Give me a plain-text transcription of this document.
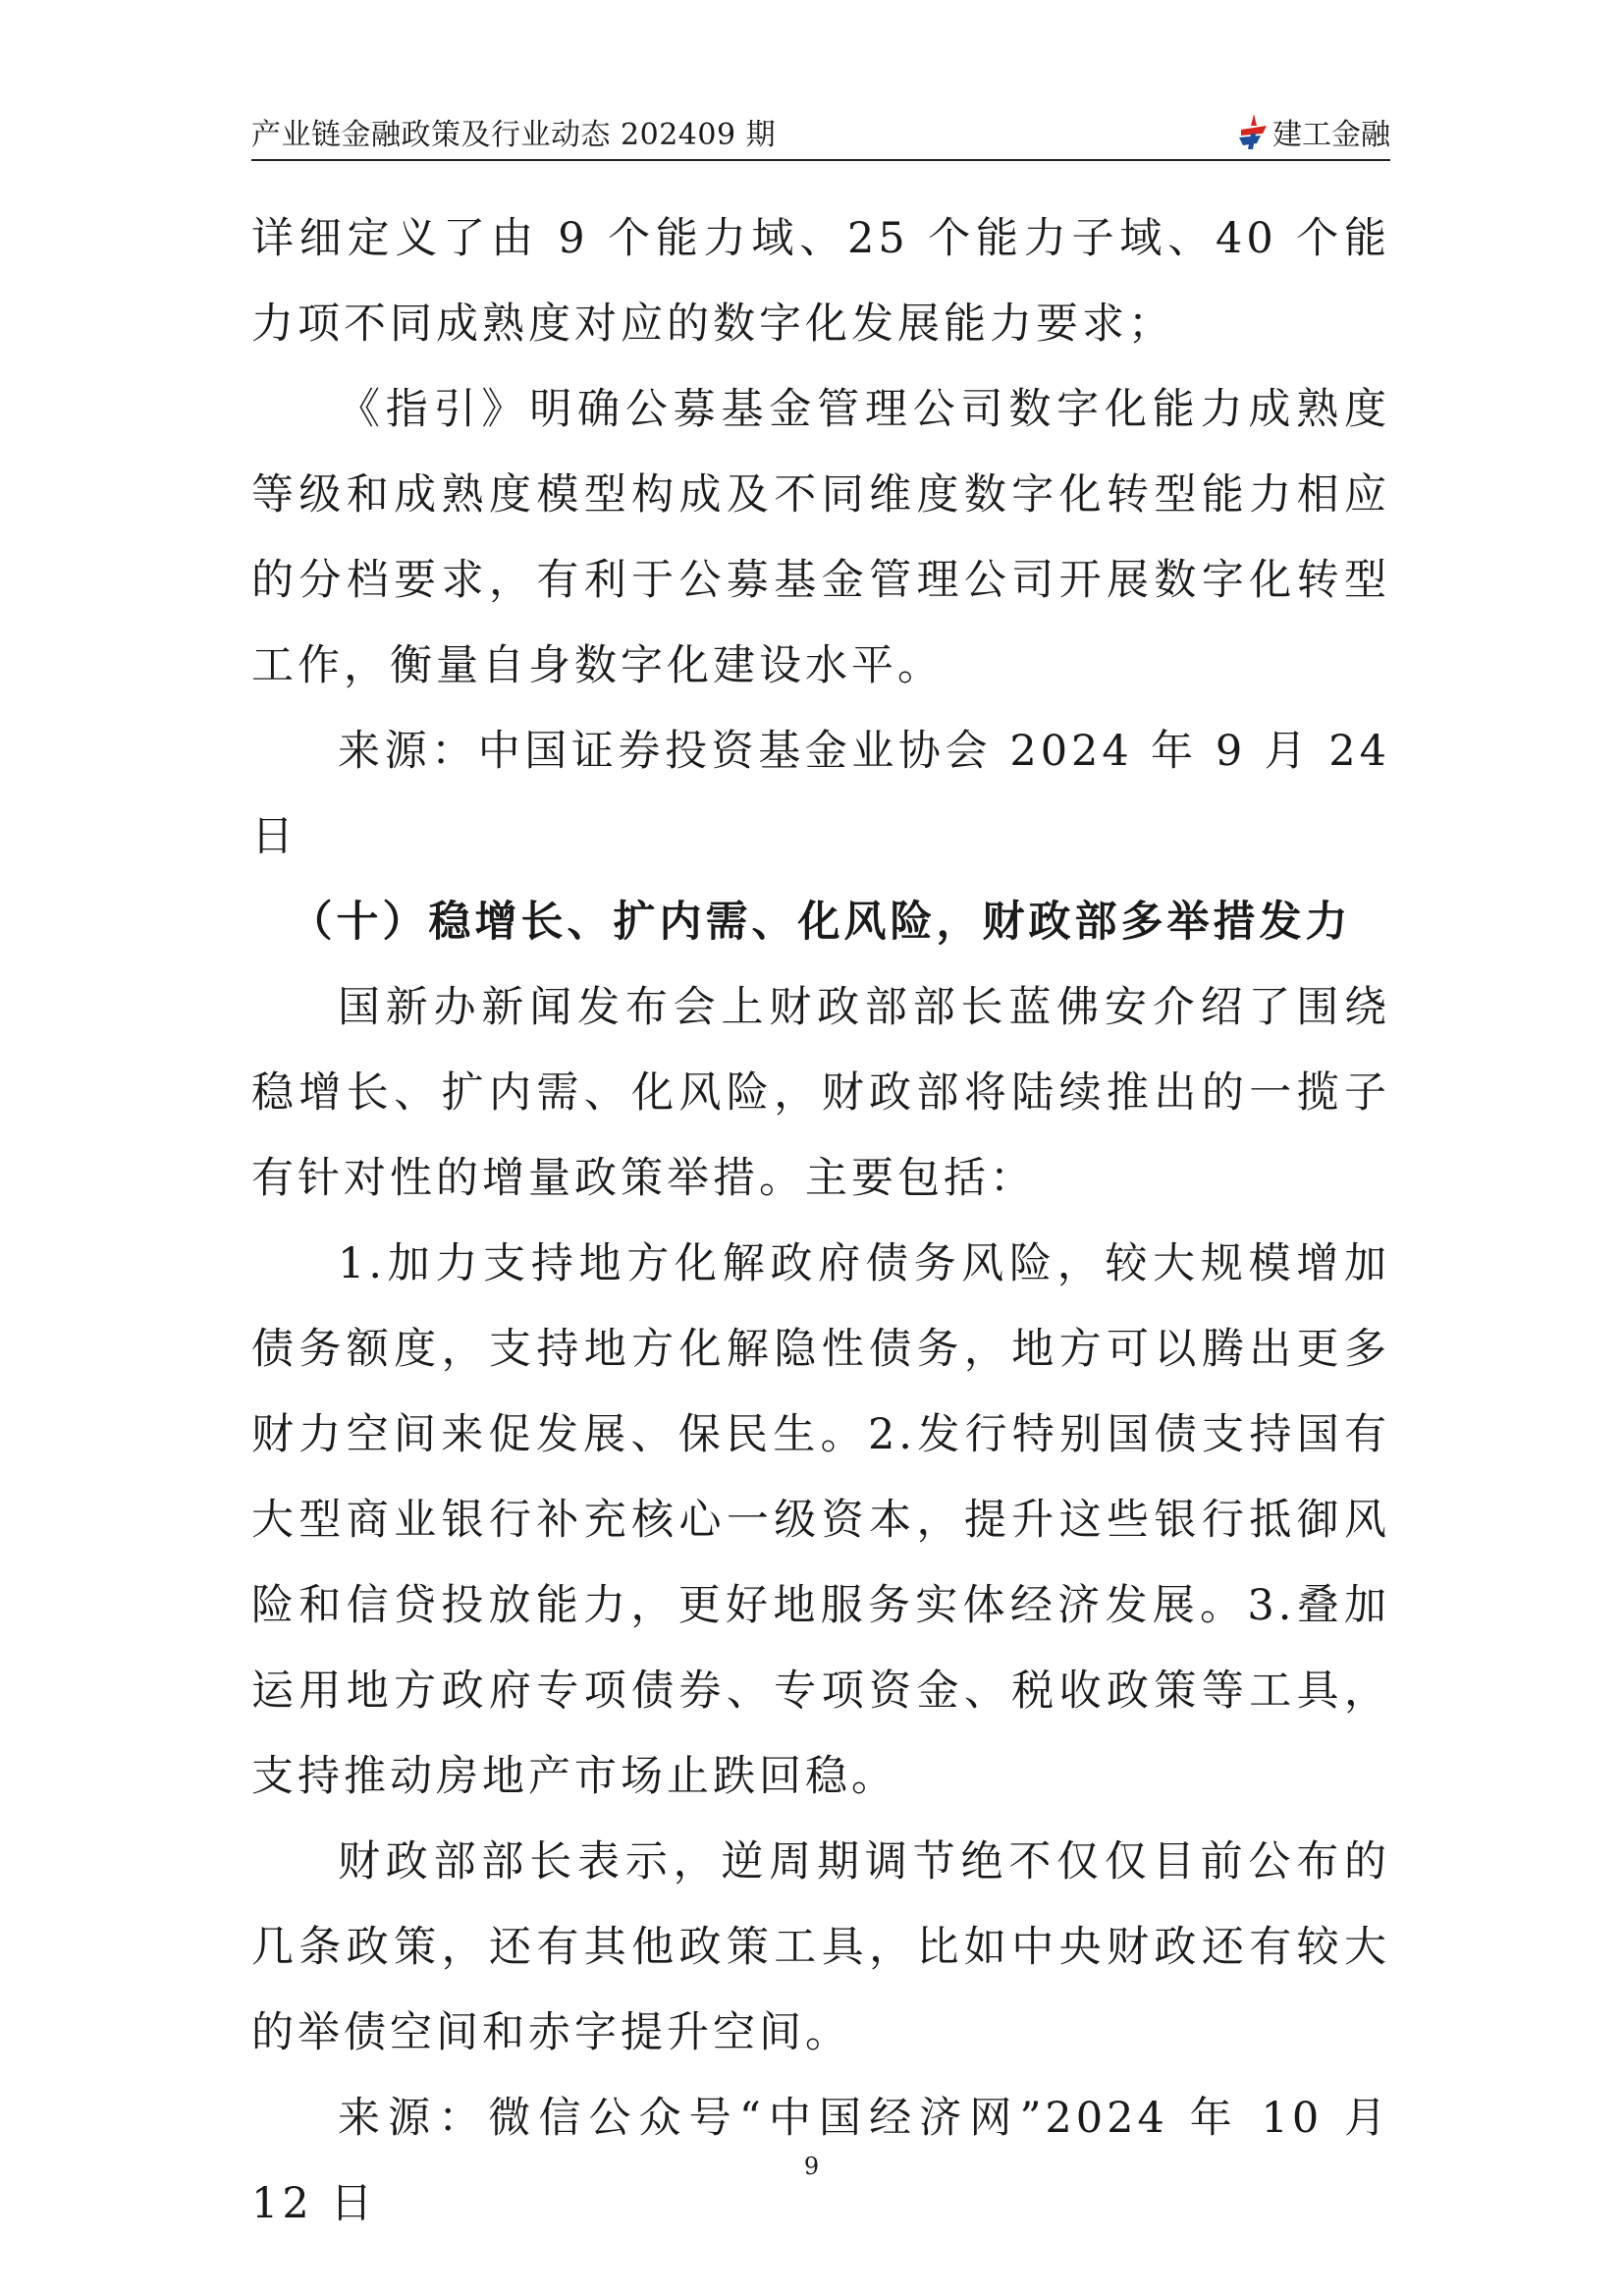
产业链金融政策及行业动态 202409 期	建工金融

详细定义了由 9 个能力域、25 个能力子域、40 个能力项不同成熟度对应的数字化发展能力要求；

《指引》明确公募基金管理公司数字化能力成熟度等级和成熟度模型构成及不同维度数字化转型能力相应的分档要求，有利于公募基金管理公司开展数字化转型工作，衡量自身数字化建设水平。

来源：中国证券投资基金业协会 2024 年 9 月 24 日

（十）稳增长、扩内需、化风险，财政部多举措发力

国新办新闻发布会上财政部部长蓝佛安介绍了围绕稳增长、扩内需、化风险，财政部将陆续推出的一揽子有针对性的增量政策举措。主要包括：

1.加力支持地方化解政府债务风险，较大规模增加债务额度，支持地方化解隐性债务，地方可以腾出更多财力空间来促发展、保民生。2.发行特别国债支持国有大型商业银行补充核心一级资本，提升这些银行抵御风险和信贷投放能力，更好地服务实体经济发展。3.叠加运用地方政府专项债券、专项资金、税收政策等工具，支持推动房地产市场止跌回稳。

财政部部长表示，逆周期调节绝不仅仅目前公布的几条政策，还有其他政策工具，比如中央财政还有较大的举债空间和赤字提升空间。

来源：微信公众号“中国经济网”2024 年 10 月 12 日

9
